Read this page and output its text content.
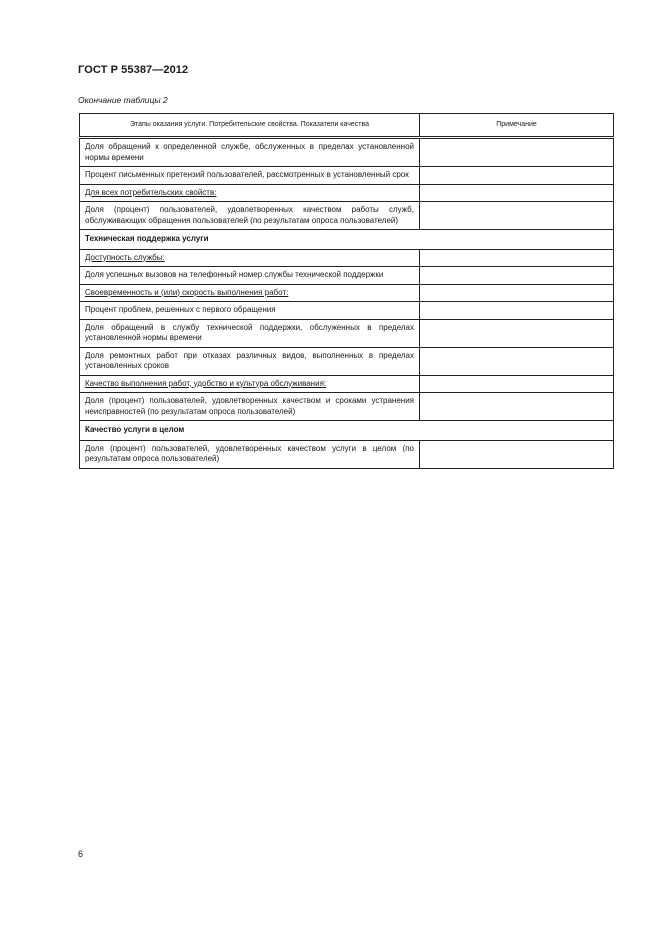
ГОСТ Р 55387—2012
Окончание таблицы 2
Этапы оказания услуги. Потребительские свойства. Показатели качества	Примечание
Доля обращений к определенной службе, обслуженных в пределах установленной нормы времени	
Процент письменных претензий пользователей, рассмотренных в установленный срок	
Для всех потребительских свойств:	
Доля (процент) пользователей, удовлетворенных качеством работы служб, обслуживающих обращения пользователей (по результатам опроса пользователей)	
Техническая поддержка услуги	
Доступность службы:	
Доля успешных вызовов на телефонный номер службы технической поддержки	
Своевременность и (или) скорость выполнения работ:	
Процент проблем, решенных с первого обращения	
Доля обращений в службу технической поддержки, обслуженных в пределах установленной нормы времени	
Доля ремонтных работ при отказах различных видов, выполненных в пределах установленных сроков	
Качество выполнения работ, удобство и культура обслуживания:	
Доля (процент) пользователей, удовлетворенных качеством и сроками устранения неисправностей (по результатам опроса пользователей)	
Качество услуги в целом	
Доля (процент) пользователей, удовлетворенных качеством услуги в целом (по результатам опроса пользователей)	
6
